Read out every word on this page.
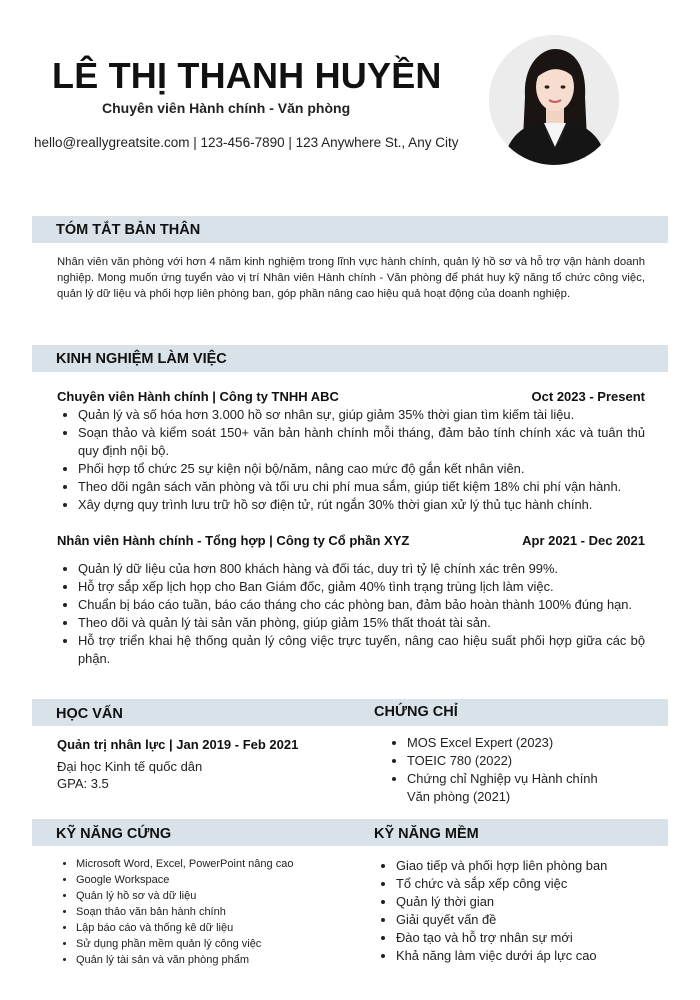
LÊ THỊ THANH HUYỀN
Chuyên viên Hành chính - Văn phòng
hello@reallygreatsite.com | 123-456-7890 | 123 Anywhere St., Any City
TÓM TẮT BẢN THÂN
Nhân viên văn phòng với hơn 4 năm kinh nghiệm trong lĩnh vực hành chính, quản lý hồ sơ và hỗ trợ vận hành doanh nghiệp. Mong muốn ứng tuyển vào vị trí Nhân viên Hành chính - Văn phòng để phát huy kỹ năng tổ chức công việc, quản lý dữ liệu và phối hợp liên phòng ban, góp phần nâng cao hiệu quả hoạt động của doanh nghiệp.
KINH NGHIỆM LÀM VIỆC
Chuyên viên Hành chính | Công ty TNHH ABC	Oct 2023 - Present
• Quản lý và số hóa hơn 3.000 hồ sơ nhân sự, giúp giảm 35% thời gian tìm kiếm tài liệu.
• Soạn thảo và kiểm soát 150+ văn bản hành chính mỗi tháng, đảm bảo tính chính xác và tuân thủ quy định nội bộ.
• Phối hợp tổ chức 25 sự kiện nội bộ/năm, nâng cao mức độ gắn kết nhân viên.
• Theo dõi ngân sách văn phòng và tối ưu chi phí mua sắm, giúp tiết kiệm 18% chi phí vận hành.
• Xây dựng quy trình lưu trữ hồ sơ điện tử, rút ngắn 30% thời gian xử lý thủ tục hành chính.
Nhân viên Hành chính - Tổng hợp | Công ty Cổ phần XYZ	Apr 2021 - Dec 2021
• Quản lý dữ liệu của hơn 800 khách hàng và đối tác, duy trì tỷ lệ chính xác trên 99%.
• Hỗ trợ sắp xếp lịch họp cho Ban Giám đốc, giảm 40% tình trạng trùng lịch làm việc.
• Chuẩn bị báo cáo tuần, báo cáo tháng cho các phòng ban, đảm bảo hoàn thành 100% đúng hạn.
• Theo dõi và quản lý tài sản văn phòng, giúp giảm 15% thất thoát tài sản.
• Hỗ trợ triển khai hệ thống quản lý công việc trực tuyến, nâng cao hiệu suất phối hợp giữa các bộ phận.
HỌC VẤN	CHỨNG CHỈ
Quản trị nhân lực | Jan 2019 - Feb 2021
Đại học Kinh tế quốc dân
GPA: 3.5
• MOS Excel Expert (2023)
• TOEIC 780 (2022)
• Chứng chỉ Nghiệp vụ Hành chính Văn phòng (2021)
KỸ NĂNG CỨNG	KỸ NĂNG MỀM
• Microsoft Word, Excel, PowerPoint nâng cao
• Google Workspace
• Quản lý hồ sơ và dữ liệu
• Soạn thảo văn bản hành chính
• Lập báo cáo và thống kê dữ liệu
• Sử dụng phần mềm quản lý công việc
• Quản lý tài sản và văn phòng phẩm
• Giao tiếp và phối hợp liên phòng ban
• Tổ chức và sắp xếp công việc
• Quản lý thời gian
• Giải quyết vấn đề
• Đào tạo và hỗ trợ nhân sự mới
• Khả năng làm việc dưới áp lực cao
